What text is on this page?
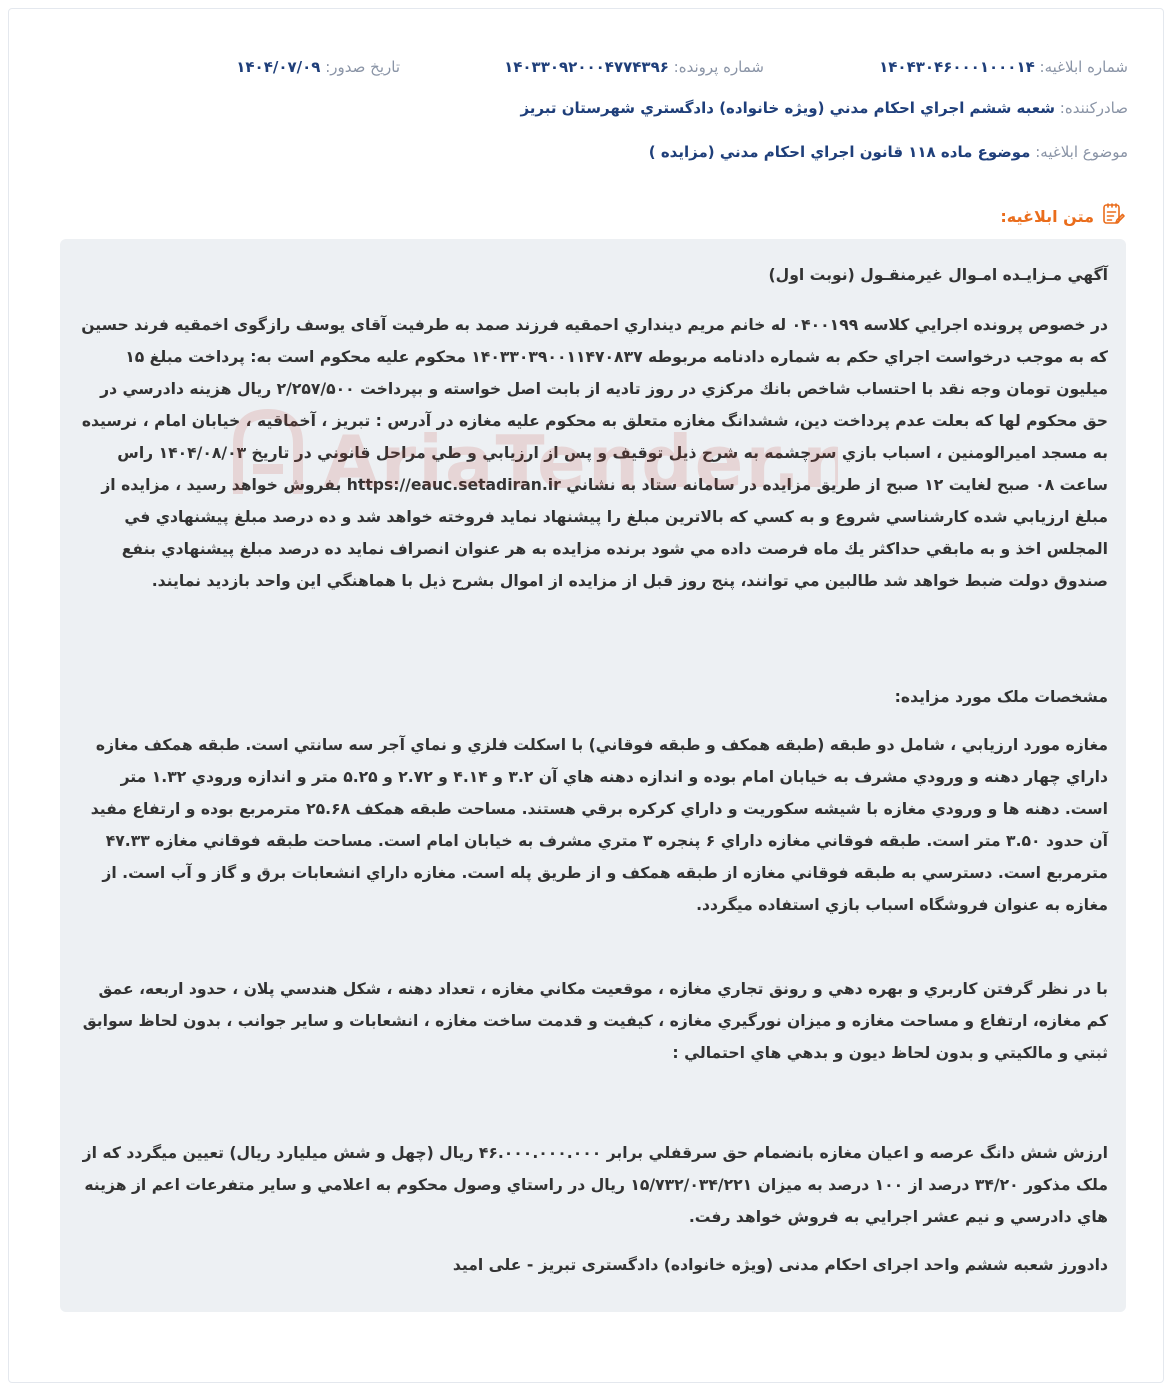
شماره ابلاغيه: ۱۴۰۴۳۰۴۶۰۰۰۱۰۰۰۱۴
شماره پرونده: ۱۴۰۳۳۰۹۲۰۰۰۴۷۷۴۳۹۶
تاريخ صدور: ۱۴۰۴/۰۷/۰۹
صادرکننده: شعبه ششم اجراي احکام مدني (ويژه خانواده) دادگستري شهرستان تبريز
موضوع ابلاغيه: موضوع ماده ۱۱۸ قانون اجراي احکام مدني (مزايده )
متن ابلاغيه:
AriaTender.n

آگهي مـزايـده امـوال غيرمنقـول (نوبت اول)

در خصوص پرونده اجرايي کلاسه ۰۴۰۰۱۹۹ له خانم مريم دينداري احمقيه فرزند صمد به طرفيت آقای يوسف رازگوی اخمقيه فرند حسين که به موجب درخواست اجراي حکم به شماره دادنامه مربوطه ۱۴۰۳۳۰۳۹۰۰۱۱۴۷۰۸۳۷ محکوم عليه محکوم است به: پرداخت مبلغ ۱۵ ميليون تومان وجه نقد با احتساب شاخص بانك مرکزي در روز تاديه از بابت اصل خواسته و بپرداخت ۲/۲۵۷/۵۰۰ ريال هزينه دادرسي در حق محکوم لها که بعلت عدم پرداخت دين، ششدانگ مغازه متعلق به محکوم عليه مغازه در آدرس : تبريز ، آخماقيه ، خيابان امام ، نرسيده به مسجد اميرالومنين ، اسباب بازي سرچشمه به شرح ذيل توقيف و پس از ارزيابي و طي مراحل قانوني در تاريخ ۱۴۰۴/۰۸/۰۳ راس ساعت ۰۸ صبح لغايت ۱۲ صبح از طريق مزايده در سامانه ستاد به نشاني https://eauc.setadiran.ir بفروش خواهد رسيد ، مزايده از مبلغ ارزيابي شده کارشناسي شروع و به کسي که بالاترين مبلغ را پيشنهاد نمايد فروخته خواهد شد و ده درصد مبلغ پيشنهادي في المجلس اخذ و به مابقي حداکثر يك ماه فرصت داده مي شود برنده مزايده به هر عنوان انصراف نمايد ده درصد مبلغ پيشنهادي بنفع صندوق دولت ضبط خواهد شد طالبين مي توانند، پنج روز قبل از مزايده از اموال بشرح ذيل با هماهنگي اين واحد بازديد نمايند.

مشخصات ملک مورد مزايده:

مغازه مورد ارزيابي ، شامل دو طبقه (طبقه همکف و طبقه فوقاني) با اسکلت فلزي و نماي آجر سه سانتي است. طبقه همکف مغازه داراي چهار دهنه و ورودي مشرف به خيابان امام بوده و اندازه دهنه هاي آن ۳.۲ و ۴.۱۴ و ۲.۷۲ و ۵.۲۵ متر و اندازه ورودي ۱.۳۲ متر است. دهنه ها و ورودي مغازه با شيشه سکوريت و داراي کرکره برقي هستند. مساحت طبقه همکف ۲۵.۶۸ مترمربع بوده و ارتفاع مفيد آن حدود ۳.۵۰ متر است. طبقه فوقاني مغازه داراي ۶ پنجره ۳ متري مشرف به خيابان امام است. مساحت طبقه فوقاني مغازه ۴۷.۳۳ مترمربع است. دسترسي به طبقه فوقاني مغازه از طبقه همکف و از طريق پله است. مغازه داراي انشعابات برق و گاز و آب است. از مغازه به عنوان فروشگاه اسباب بازي استفاده ميگردد.

با در نظر گرفتن کاربري و بهره دهي و رونق تجاري مغازه ، موقعيت مکاني مغازه ، تعداد دهنه ، شکل هندسي پلان ، حدود اربعه، عمق کم مغازه، ارتفاع و مساحت مغازه و ميزان نورگيري مغازه ، کيفيت و قدمت ساخت مغازه ، انشعابات و ساير جوانب ، بدون لحاظ سوابق ثبتي و مالکيتي و بدون لحاظ ديون و بدهي هاي احتمالي :

ارزش شش دانگ عرصه و اعيان مغازه بانضمام حق سرقفلي برابر ۴۶.۰۰۰.۰۰۰.۰۰۰ ريال (چهل و شش ميليارد ريال) تعيين ميگردد که از ملک مذکور ۳۴/۲۰ درصد از ۱۰۰ درصد به ميزان ۱۵/۷۳۲/۰۳۴/۲۲۱ ريال در راستاي وصول محکوم به اعلامي و ساير متفرعات اعم از هزينه هاي دادرسي و نيم عشر اجرايي به فروش خواهد رفت.

دادورز شعبه ششم واحد اجرای احکام مدنی (ويژه خانواده) دادگستری تبريز - علی اميد
